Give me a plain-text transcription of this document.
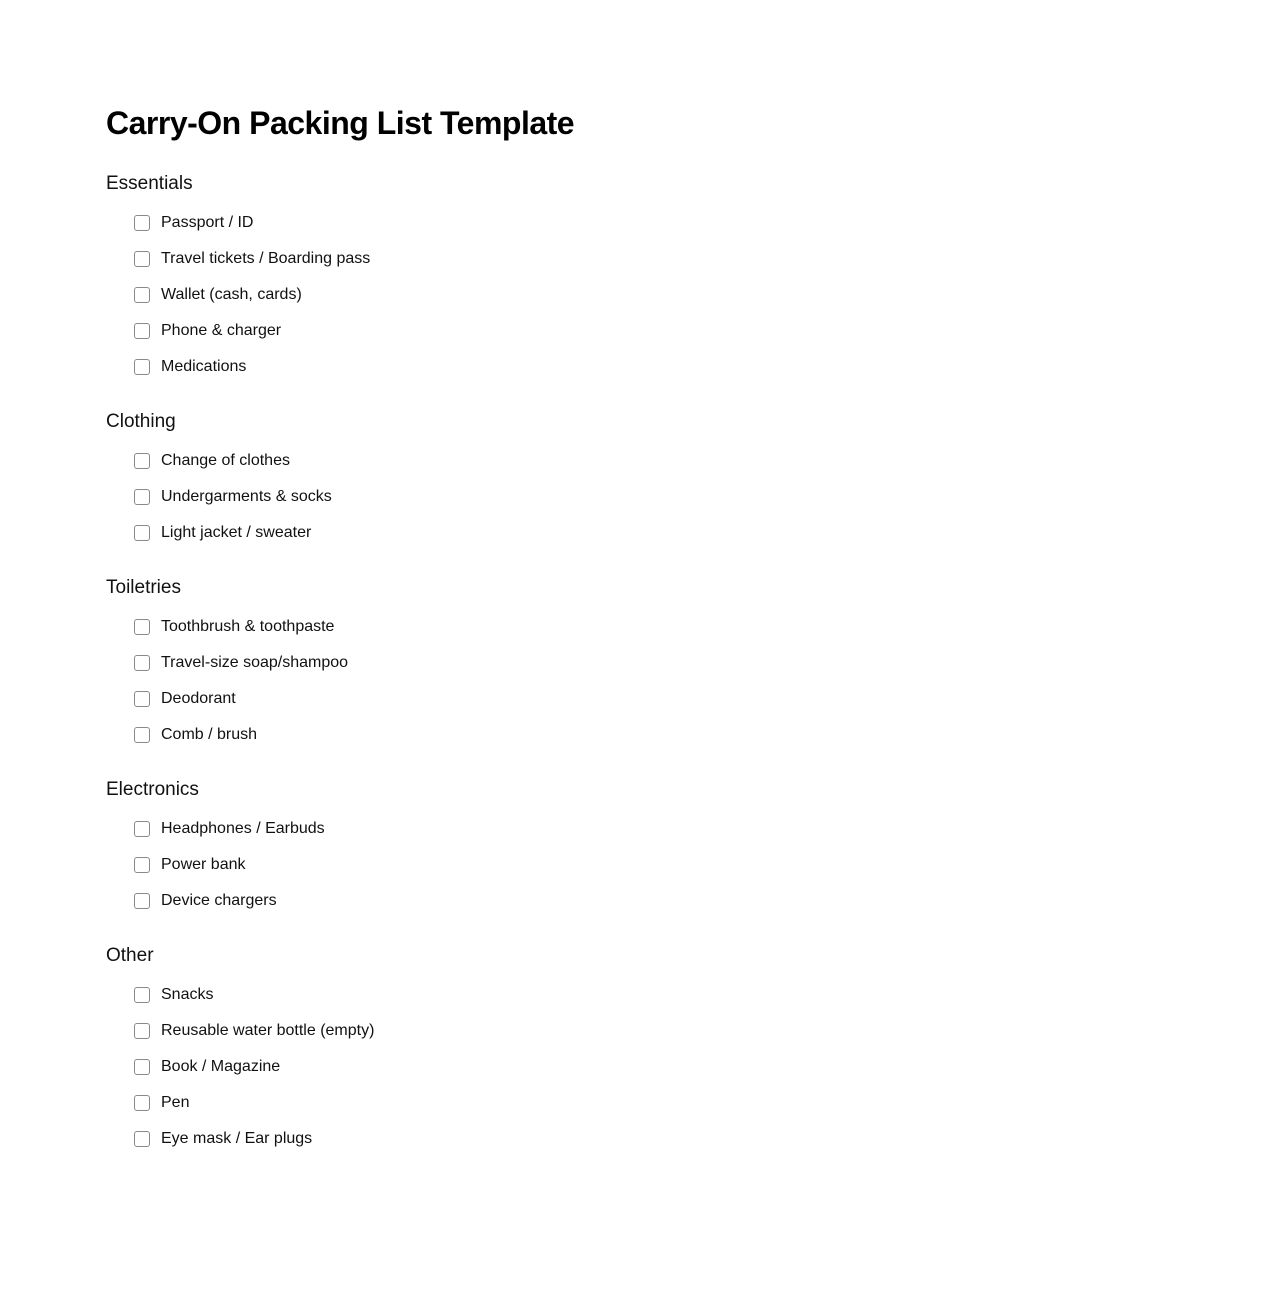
Carry-On Packing List Template
Essentials
Passport / ID
Travel tickets / Boarding pass
Wallet (cash, cards)
Phone & charger
Medications
Clothing
Change of clothes
Undergarments & socks
Light jacket / sweater
Toiletries
Toothbrush & toothpaste
Travel-size soap/shampoo
Deodorant
Comb / brush
Electronics
Headphones / Earbuds
Power bank
Device chargers
Other
Snacks
Reusable water bottle (empty)
Book / Magazine
Pen
Eye mask / Ear plugs
